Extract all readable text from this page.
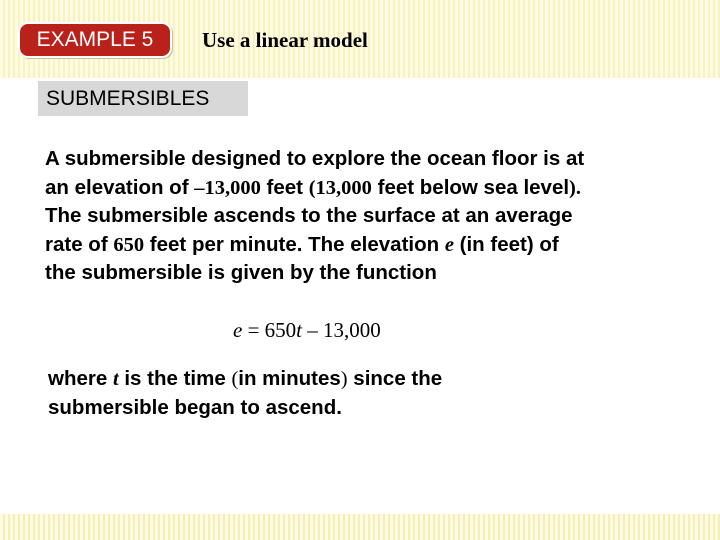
EXAMPLE 5	Use a linear model
SUBMERSIBLES
A submersible designed to explore the ocean floor is at
an elevation of –13,000 feet (13,000 feet below sea level).
The submersible ascends to the surface at an average
rate of 650 feet per minute. The elevation e (in feet) of
the submersible is given by the function
e = 650t – 13,000
where t is the time (in minutes) since the
submersible began to ascend.
